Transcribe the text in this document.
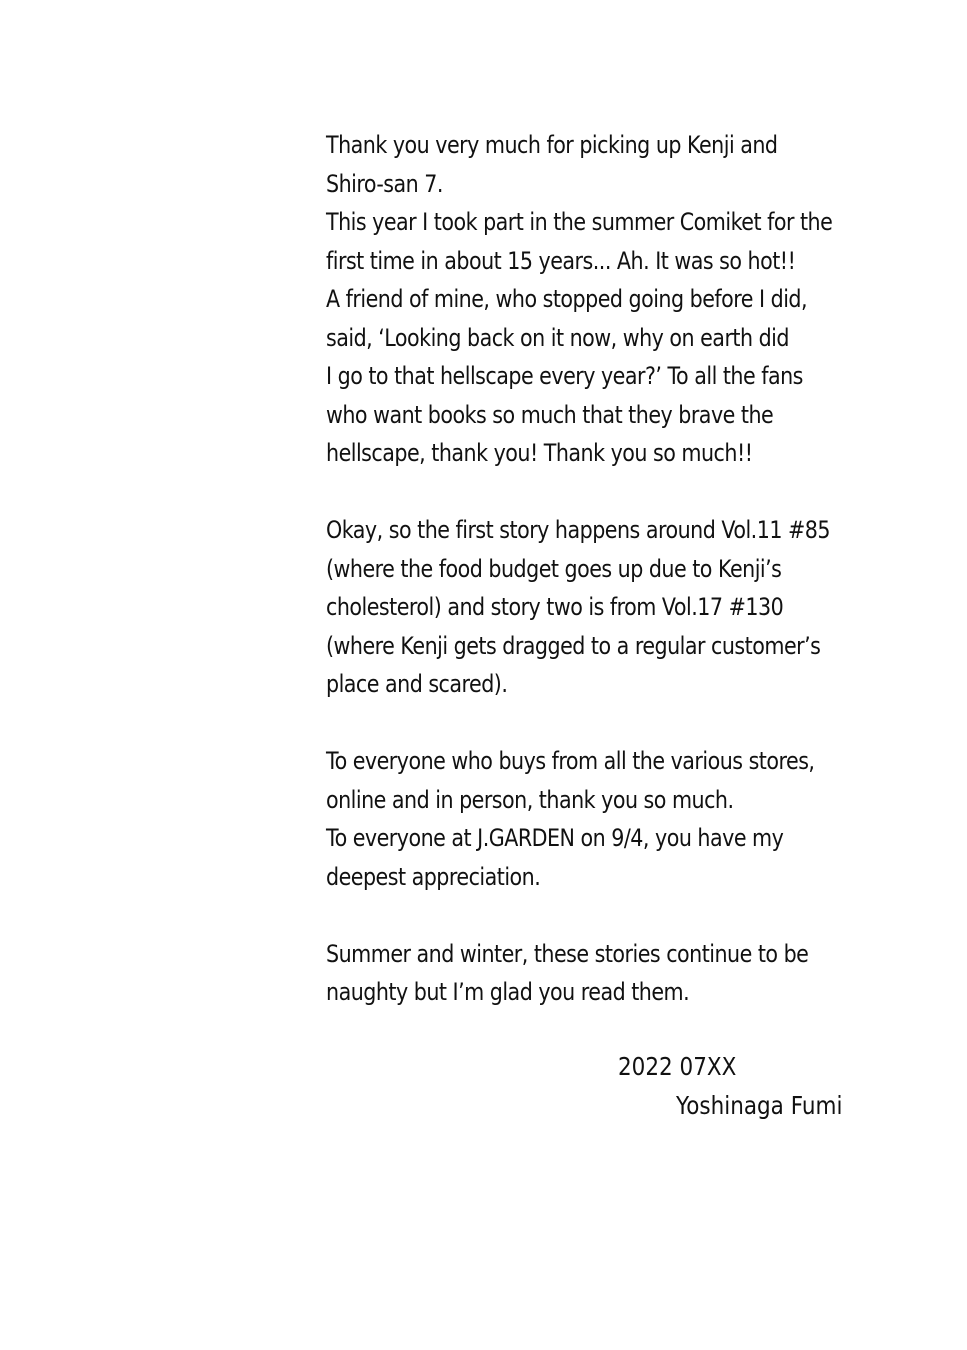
Thank you very much for picking up Kenji and
Shiro-san 7.
This year I took part in the summer Comiket for the
first time in about 15 years... Ah. It was so hot!!
A friend of mine, who stopped going before I did,
said, ‘Looking back on it now, why on earth did
I go to that hellscape every year?’ To all the fans
who want books so much that they brave the
hellscape, thank you! Thank you so much!!
Okay, so the first story happens around Vol.11 #85
(where the food budget goes up due to Kenji’s
cholesterol) and story two is from Vol.17 #130
(where Kenji gets dragged to a regular customer’s
place and scared).
To everyone who buys from all the various stores,
online and in person, thank you so much.
To everyone at J.GARDEN on 9/4, you have my
deepest appreciation.
Summer and winter, these stories continue to be
naughty but I’m glad you read them.
2022 07XX
Yoshinaga Fumi
